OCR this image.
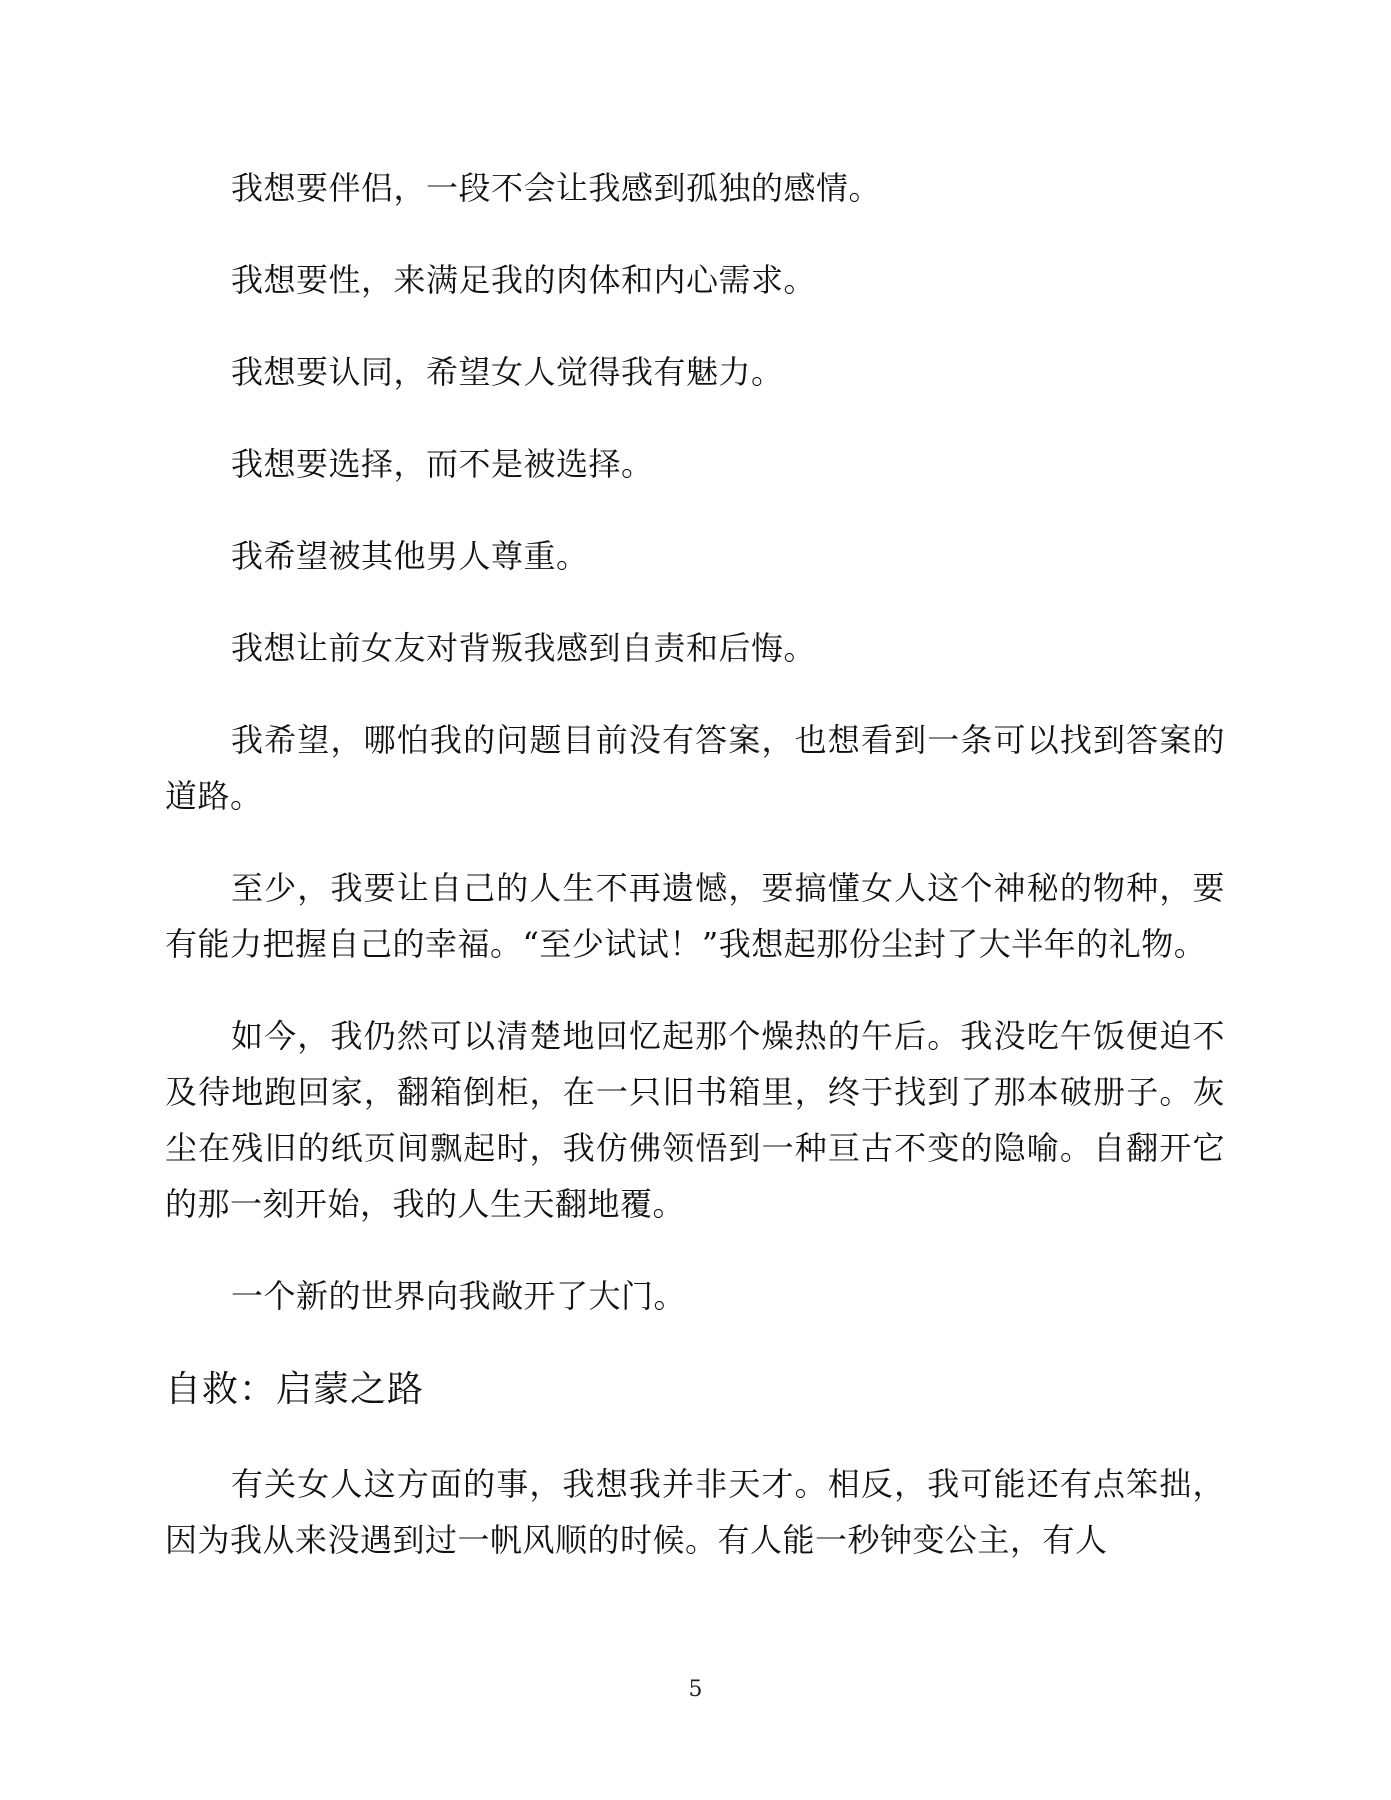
我想要伴侣，一段不会让我感到孤独的感情。

我想要性，来满足我的肉体和内心需求。

我想要认同，希望女人觉得我有魅力。

我想要选择，而不是被选择。

我希望被其他男人尊重。

我想让前女友对背叛我感到自责和后悔。

我希望，哪怕我的问题目前没有答案，也想看到一条可以找到答案的道路。

至少，我要让自己的人生不再遗憾，要搞懂女人这个神秘的物种，要有能力把握自己的幸福。“至少试试！”我想起那份尘封了大半年的礼物。

如今，我仍然可以清楚地回忆起那个燥热的午后。我没吃午饭便迫不及待地跑回家，翻箱倒柜，在一只旧书箱里，终于找到了那本破册子。灰尘在残旧的纸页间飘起时，我仿佛领悟到一种亘古不变的隐喻。自翻开它的那一刻开始，我的人生天翻地覆。

一个新的世界向我敞开了大门。

自救：启蒙之路

有关女人这方面的事，我想我并非天才。相反，我可能还有点笨拙，因为我从来没遇到过一帆风顺的时候。有人能一秒钟变公主，有人

5
